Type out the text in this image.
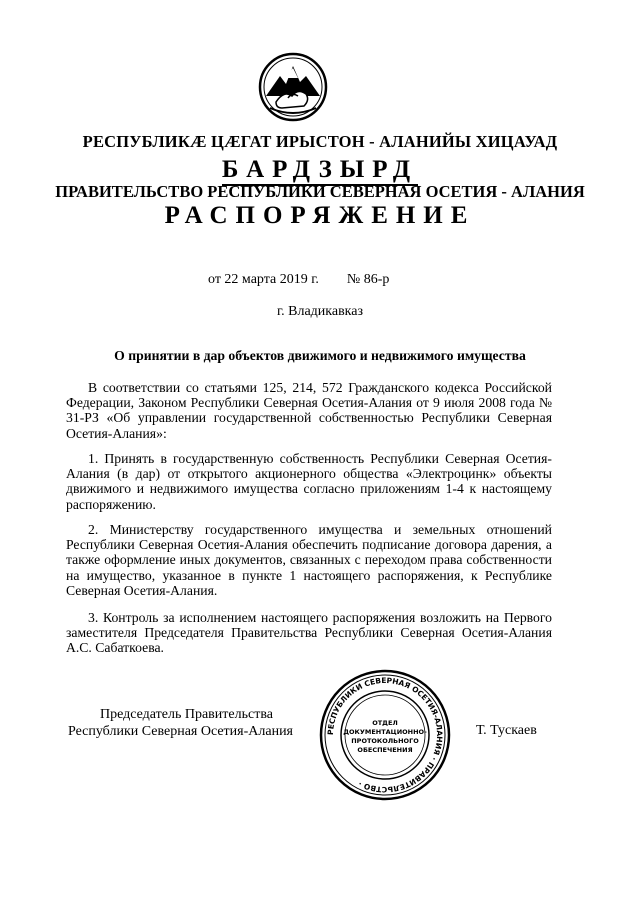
РЕСПУБЛИКÆ ЦÆГАТ ИРЫСТОН - АЛАНИЙЫ ХИЦАУАД
БАРДЗЫРД
ПРАВИТЕЛЬСТВО РЕСПУБЛИКИ СЕВЕРНАЯ ОСЕТИЯ - АЛАНИЯ
РАСПОРЯЖЕНИЕ
от 22 марта 2019 г. № 86-р
г. Владикавказ
О принятии в дар объектов движимого и недвижимого имущества

В соответствии со статьями 125, 214, 572 Гражданского кодекса Российской Федерации, Законом Республики Северная Осетия-Алания от 9 июля 2008 года № 31-РЗ «Об управлении государственной собственностью Республики Северная Осетия-Алания»:

1. Принять в государственную собственность Республики Северная Осетия-Алания (в дар) от открытого акционерного общества «Электроцинк» объекты движимого и недвижимого имущества согласно приложениям 1-4 к настоящему распоряжению.

2. Министерству государственного имущества и земельных отношений Республики Северная Осетия-Алания обеспечить подписание договора дарения, а также оформление иных документов, связанных с переходом права собственности на имущество, указанное в пункте 1 настоящего распоряжения, к Республике Северная Осетия-Алания.

3. Контроль за исполнением настоящего распоряжения возложить на Первого заместителя Председателя Правительства Республики Северная Осетия-Алания А.С. Сабаткоева.

Председатель Правительства
Республики Северная Осетия-Алания	Т. Тускаев
РЕСПУБЛИКИ СЕВЕРНАЯ ОСЕТИЯ-АЛАНИЯ · ПРАВИТЕЛЬСТВО ·
ОТДЕЛ
ДОКУМЕНТАЦИОННО-
ПРОТОКОЛЬНОГО
ОБЕСПЕЧЕНИЯ
